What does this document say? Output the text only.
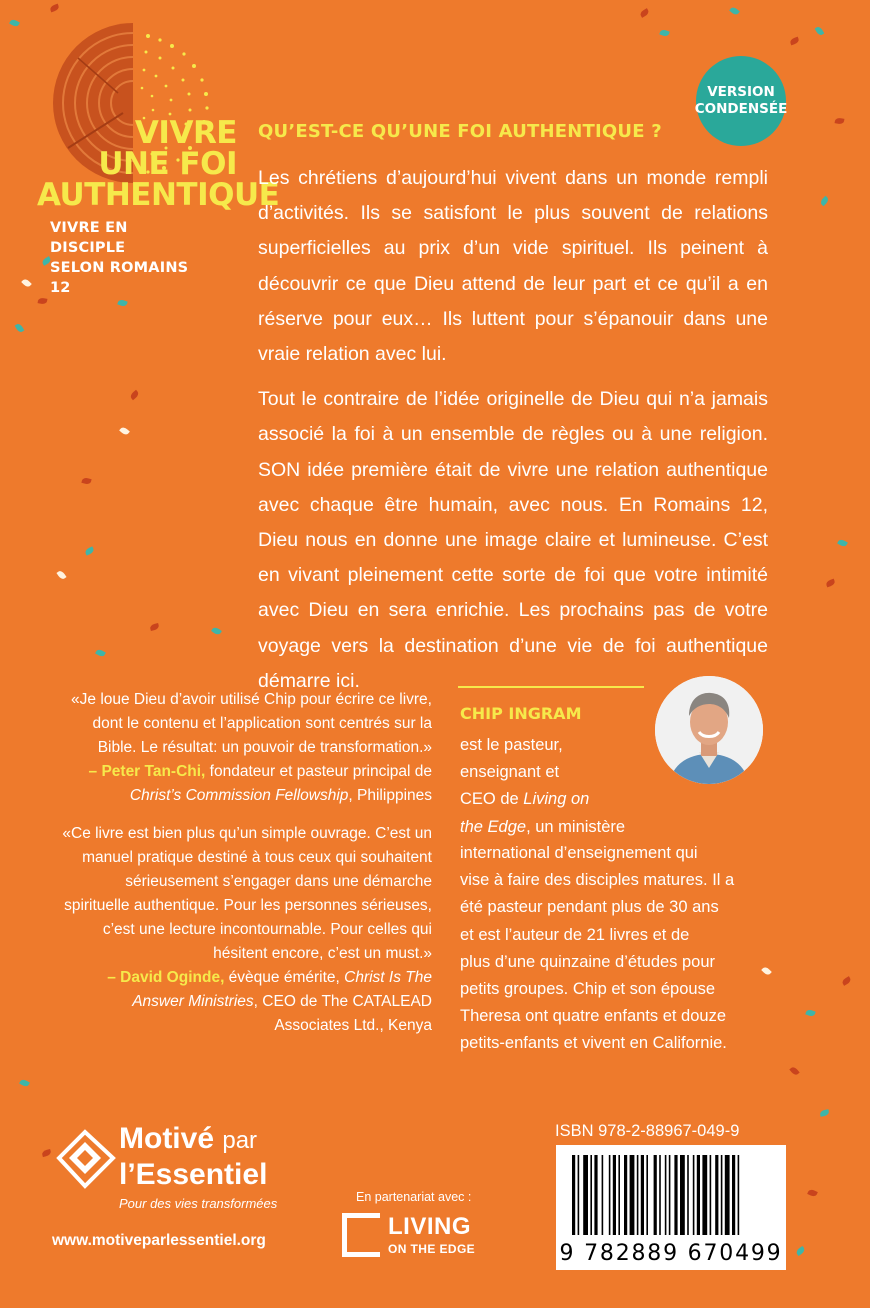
VIVRE
UNE FOI
AUTHENTIQUE
VIVRE EN DISCIPLE
SELON ROMAINS 12
VERSION
CONDENSÉE
QU’EST-CE QU’UNE FOI AUTHENTIQUE ?

Les chrétiens d’aujourd’hui vivent dans un monde rempli d’activités. Ils se satisfont le plus souvent de relations superficielles au prix d’un vide spirituel. Ils peinent à découvrir ce que Dieu attend de leur part et ce qu’il a en réserve pour eux… Ils luttent pour s’épanouir dans une vraie relation avec lui.

Tout le contraire de l’idée originelle de Dieu qui n’a jamais associé la foi à un ensemble de règles ou à une religion. SON idée première était de vivre une relation authentique avec chaque être humain, avec nous. En Romains 12, Dieu nous en donne une image claire et lumineuse. C’est en vivant pleinement cette sorte de foi que votre intimité avec Dieu en sera enrichie. Les prochains pas de votre voyage vers la destination d’une vie de foi authentique démarre ici.

«Je loue Dieu d’avoir utilisé Chip pour écrire ce livre, dont le contenu et l’application sont centrés sur la Bible. Le résultat: un pouvoir de transformation.»

– Peter Tan-Chi, fondateur et pasteur principal de Christ’s Commission Fellowship, Philippines

«Ce livre est bien plus qu’un simple ouvrage. C’est un manuel pratique destiné à tous ceux qui souhaitent sérieusement s’engager dans une démarche spirituelle authentique. Pour les personnes sérieuses, c’est une lecture incontournable. Pour celles qui hésitent encore, c’est un must.»

– David Oginde, évèque émérite, Christ Is The Answer Ministries, CEO de The CATALEAD Associates Ltd., Kenya

CHIP INGRAM
est le pasteur,
enseignant et
CEO de Living on
the Edge, un ministère
international d’enseignement qui
vise à faire des disciples matures. Il a
été pasteur pendant plus de 30 ans
et est l’auteur de 21 livres et de
plus d’une quinzaine d’études pour
petits groupes. Chip et son épouse
Theresa ont quatre enfants et douze
petits-enfants et vivent en Californie.
Motivé par
l’Essentiel
Pour des vies transformées
www.motiveparlessentiel.org
En partenariat avec :
LIVING
ON THE EDGE
ISBN 978-2-88967-049-9
9 782889 670499
